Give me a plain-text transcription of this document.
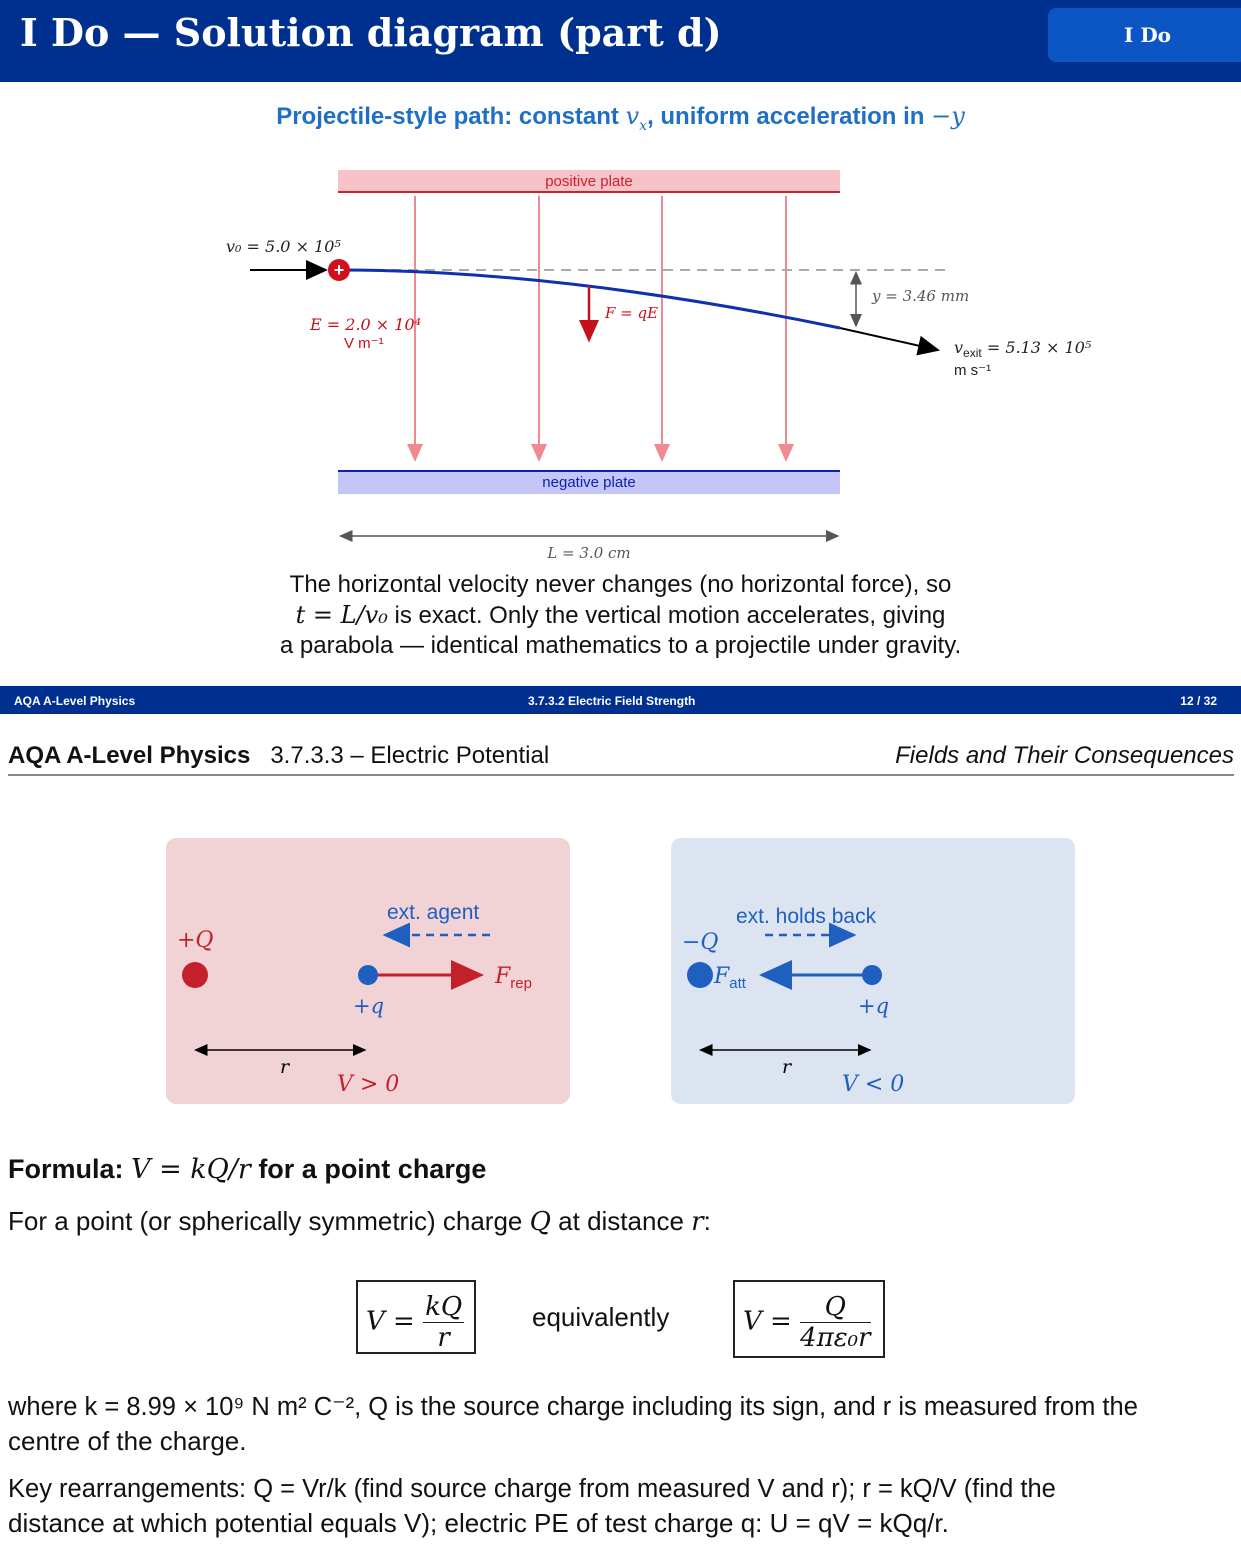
I Do — Solution diagram (part d)	I Do
Projectile-style path: constant $v_x$, uniform acceleration in −y
positive plate
negative plate
v₀ = 5.0 × 10⁵
+
F = qE
E = 2.0 × 10⁴
V m⁻¹
y = 3.46 mm
$v_{exit} = 5.13 \times 10^5$
m s⁻¹
L = 3.0 cm
The horizontal velocity never changes (no horizontal force), so
t = L/v₀ is exact. Only the vertical motion accelerates, giving
a parabola — identical mathematics to a projectile under gravity.
AQA A-Level Physics	3.7.3.2 Electric Field Strength	12 / 32
AQA A-Level Physics 3.7.3.3 – Electric Potential	Fields and Their Consequences
+Q
ext. agent
$F_{rep}$
+q
r
V > 0
−Q
ext. holds back
$F_{att}$
+q
r
V < 0
Formula: V = kQ/r for a point charge
For a point (or spherically symmetric) charge Q at distance r:
$V = \frac{kQ}{r}$	equivalently	$V = \frac{Q}{\text{4πε₀r}}$
where k = 8.99 × 10⁹ N m² C⁻², Q is the source charge including its sign, and r is measured from the
centre of the charge.
Key rearrangements: Q = Vr/k (find source charge from measured V and r); r = kQ/V (find the
distance at which potential equals V); electric PE of test charge q: U = qV = kQq/r.
